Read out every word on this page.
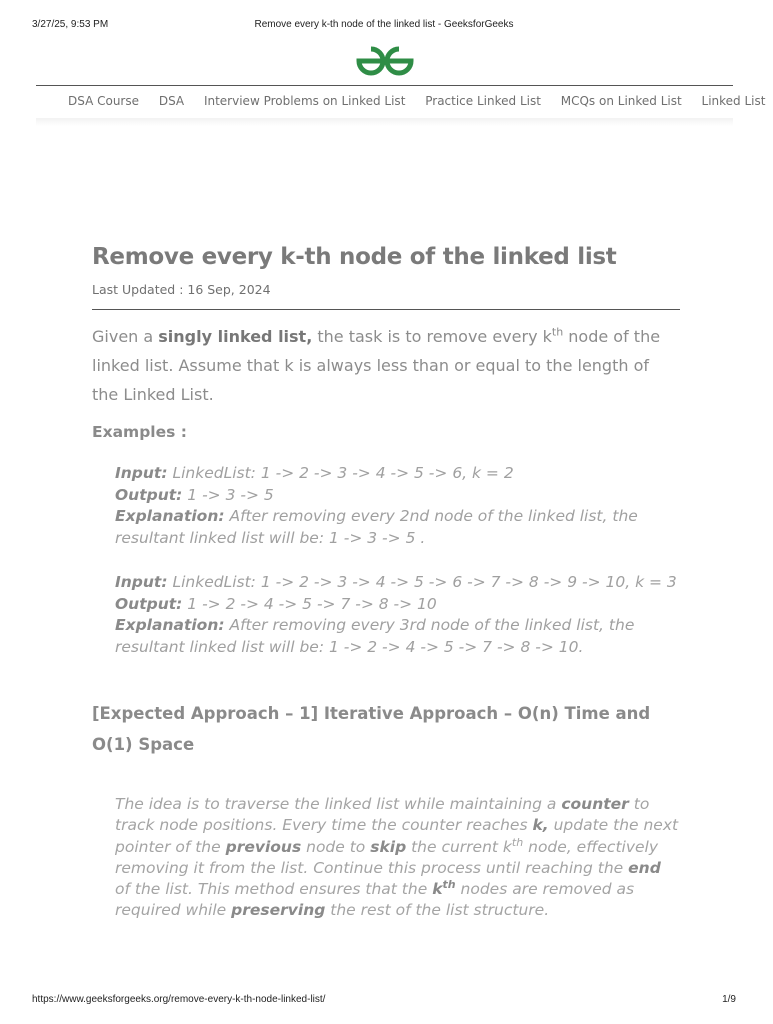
3/27/25, 9:53 PM	Remove every k-th node of the linked list - GeeksforGeeks
DSA Course DSA Interview Problems on Linked List Practice Linked List MCQs on Linked List Linked List
Remove every k-th node of the linked list
Last Updated : 16 Sep, 2024

Given a singly linked list, the task is to remove every $k^{th}$ node of the linked list. Assume that k is always less than or equal to the length of the Linked List.

Examples :
Input: LinkedList: 1 -> 2 -> 3 -> 4 -> 5 -> 6, k = 2
Output: 1 -> 3 -> 5
Explanation: After removing every 2nd node of the linked list, the resultant linked list will be: 1 -> 3 -> 5 .
Input: LinkedList: 1 -> 2 -> 3 -> 4 -> 5 -> 6 -> 7 -> 8 -> 9 -> 10, k = 3
Output: 1 -> 2 -> 4 -> 5 -> 7 -> 8 -> 10
Explanation: After removing every 3rd node of the linked list, the resultant linked list will be: 1 -> 2 -> 4 -> 5 -> 7 -> 8 -> 10.
[Expected Approach – 1] Iterative Approach – O(n) Time and O(1) Space

The idea is to traverse the linked list while maintaining a counter to track node positions. Every time the counter reaches k, update the next pointer of the previous node to skip the current $k^{th}$ node, effectively removing it from the list. Continue this process until reaching the end of the list. This method ensures that the $k^{th}$ nodes are removed as required while preserving the rest of the list structure.

https://www.geeksforgeeks.org/remove-every-k-th-node-linked-list/	1/9
